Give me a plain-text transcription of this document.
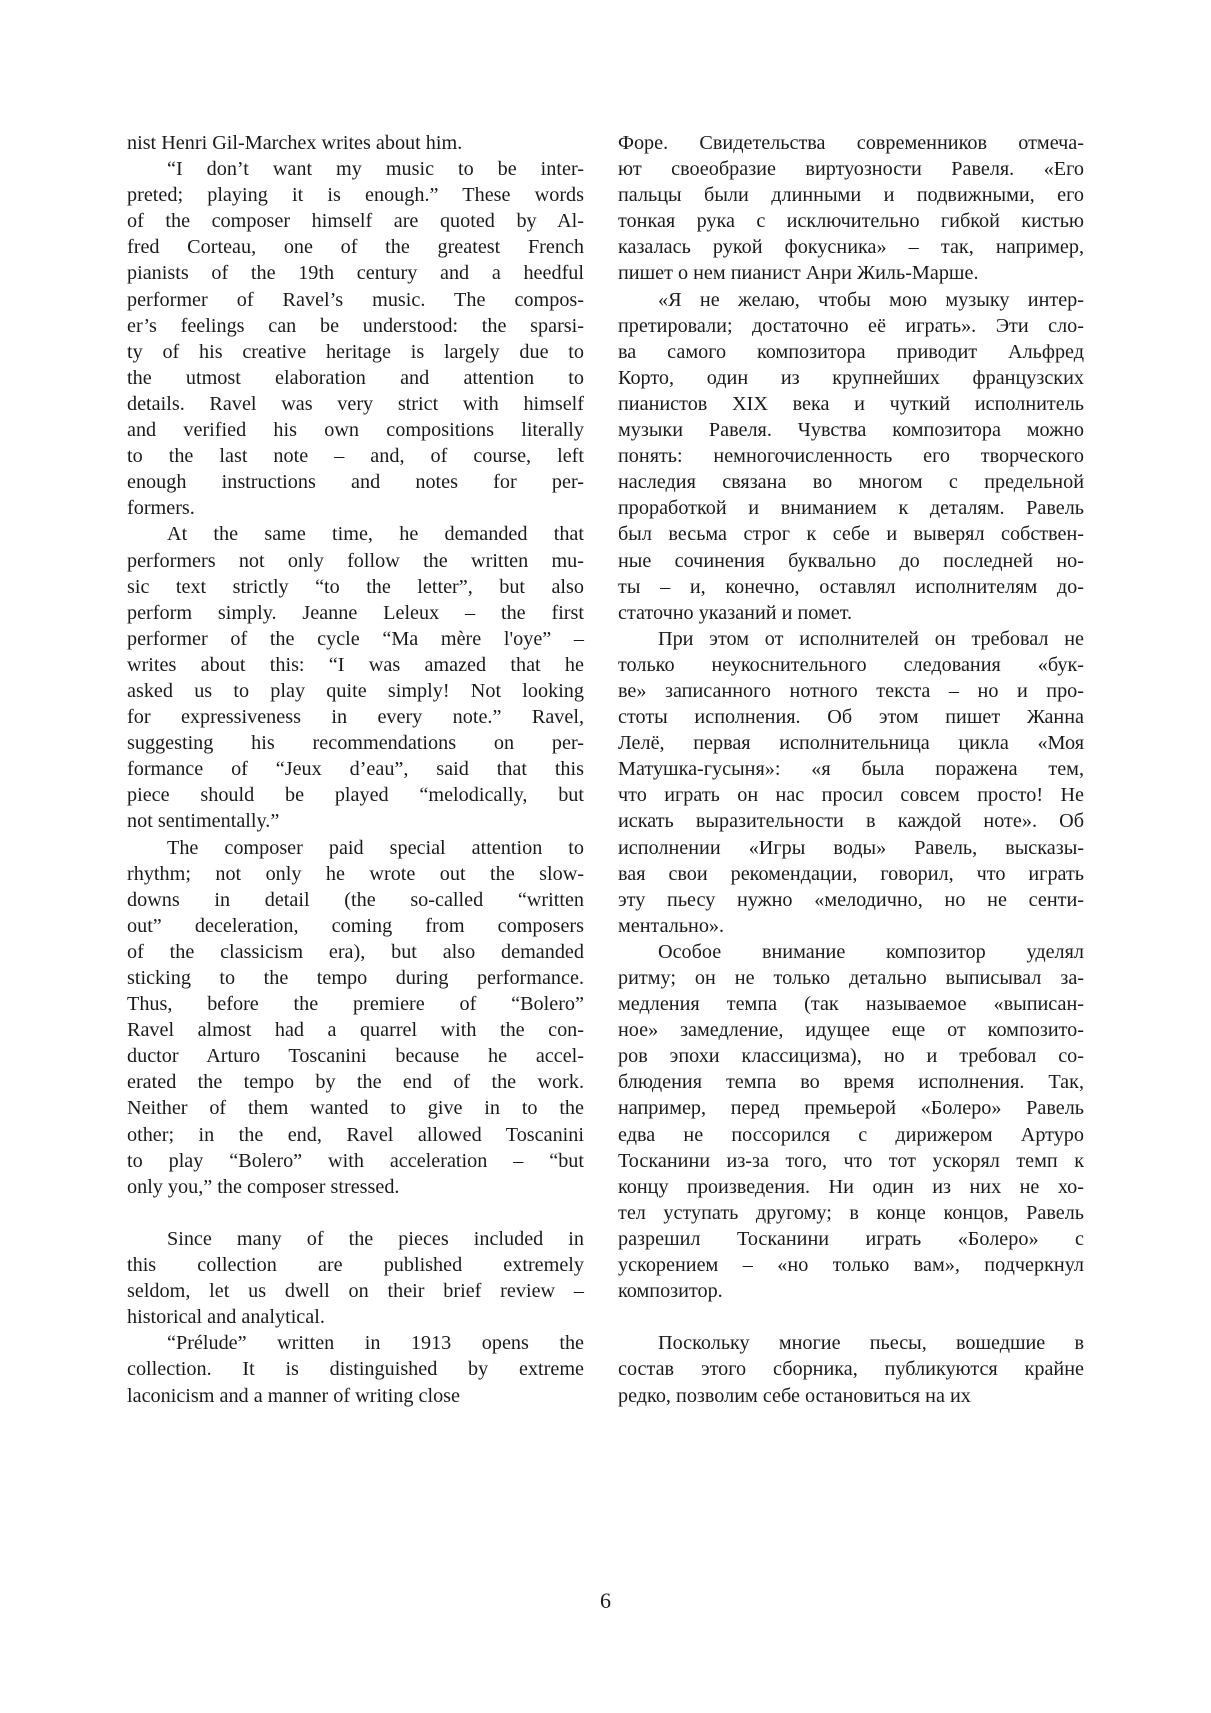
nist Henri Gil-Marchex writes about him.
“I don’t want my music to be inter-
preted; playing it is enough.” These words
of the composer himself are quoted by Al-
fred Corteau, one of the greatest French
pianists of the 19th century and a heedful
performer of Ravel’s music. The compos-
er’s feelings can be understood: the sparsi-
ty of his creative heritage is largely due to
the utmost elaboration and attention to
details. Ravel was very strict with himself
and verified his own compositions literally
to the last note – and, of course, left
enough instructions and notes for per-
formers.
At the same time, he demanded that
performers not only follow the written mu-
sic text strictly “to the letter”, but also
perform simply. Jeanne Leleux – the first
performer of the cycle “Ma mère l'oye” –
writes about this: “I was amazed that he
asked us to play quite simply! Not looking
for expressiveness in every note.” Ravel,
suggesting his recommendations on per-
formance of “Jeux d’eau”, said that this
piece should be played “melodically, but
not sentimentally.”
The composer paid special attention to
rhythm; not only he wrote out the slow-
downs in detail (the so-called “written
out” deceleration, coming from composers
of the classicism era), but also demanded
sticking to the tempo during performance.
Thus, before the premiere of “Bolero”
Ravel almost had a quarrel with the con-
ductor Arturo Toscanini because he accel-
erated the tempo by the end of the work.
Neither of them wanted to give in to the
other; in the end, Ravel allowed Toscanini
to play “Bolero” with acceleration – “but
only you,” the composer stressed.
Since many of the pieces included in
this collection are published extremely
seldom, let us dwell on their brief review –
historical and analytical.
“Prélude” written in 1913 opens the
collection. It is distinguished by extreme
laconicism and a manner of writing close
Форе. Свидетельства современников отмеча-
ют своеобразие виртуозности Равеля. «Его
пальцы были длинными и подвижными, его
тонкая рука с исключительно гибкой кистью
казалась рукой фокусника» – так, например,
пишет о нем пианист Анри Жиль-Марше.
«Я не желаю, чтобы мою музыку интер-
претировали; достаточно её играть». Эти сло-
ва самого композитора приводит Альфред
Корто, один из крупнейших французских
пианистов XIX века и чуткий исполнитель
музыки Равеля. Чувства композитора можно
понять: немногочисленность его творческого
наследия связана во многом с предельной
проработкой и вниманием к деталям. Равель
был весьма строг к себе и выверял собствен-
ные сочинения буквально до последней но-
ты – и, конечно, оставлял исполнителям до-
статочно указаний и помет.
При этом от исполнителей он требовал не
только неукоснительного следования «бук-
ве» записанного нотного текста – но и про-
стоты исполнения. Об этом пишет Жанна
Лелё, первая исполнительница цикла «Моя
Матушка-гусыня»: «я была поражена тем,
что играть он нас просил совсем просто! Не
искать выразительности в каждой ноте». Об
исполнении «Игры воды» Равель, высказы-
вая свои рекомендации, говорил, что играть
эту пьесу нужно «мелодично, но не сенти-
ментально».
Особое внимание композитор уделял
ритму; он не только детально выписывал за-
медления темпа (так называемое «выписан-
ное» замедление, идущее еще от композито-
ров эпохи классицизма), но и требовал со-
блюдения темпа во время исполнения. Так,
например, перед премьерой «Болеро» Равель
едва не поссорился с дирижером Артуро
Тосканини из-за того, что тот ускорял темп к
концу произведения. Ни один из них не хо-
тел уступать другому; в конце концов, Равель
разрешил Тосканини играть «Болеро» с
ускорением – «но только вам», подчеркнул
композитор.
Поскольку многие пьесы, вошедшие в
состав этого сборника, публикуются крайне
редко, позволим себе остановиться на их
6
